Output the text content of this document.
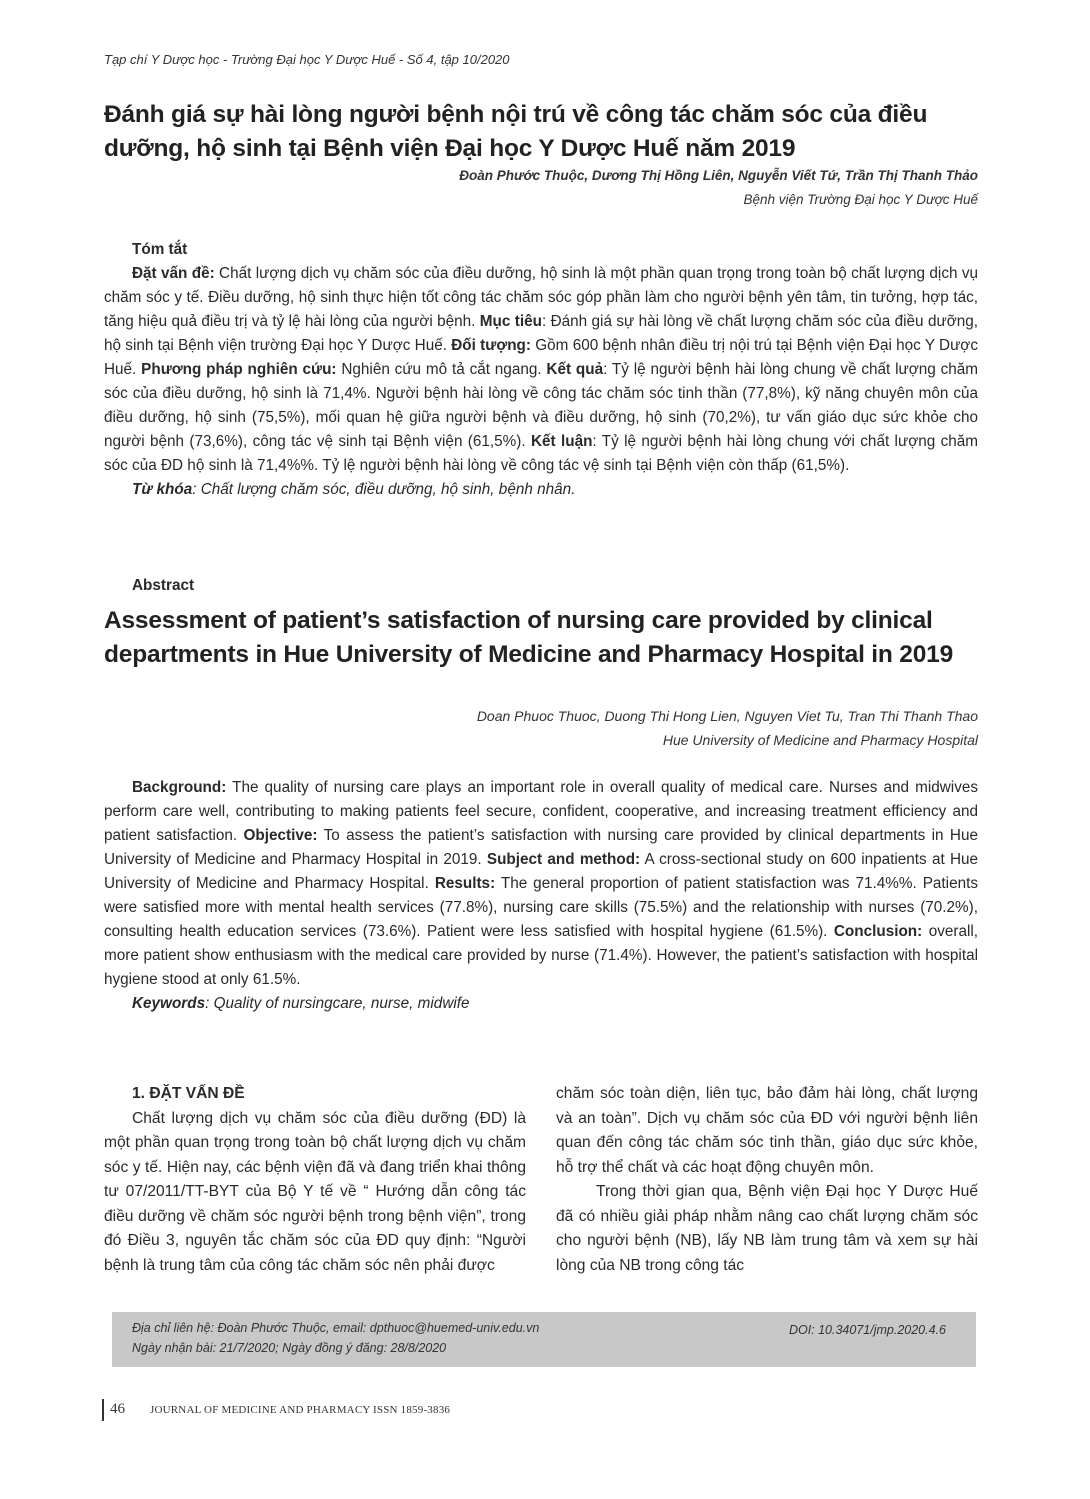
Tạp chí Y Dược học - Trường Đại học Y Dược Huế - Số 4, tập 10/2020
Đánh giá sự hài lòng người bệnh nội trú về công tác chăm sóc của điều dưỡng, hộ sinh tại Bệnh viện Đại học Y Dược Huế năm 2019
Đoàn Phước Thuộc, Dương Thị Hồng Liên, Nguyễn Viết Tứ, Trần Thị Thanh Thảo
Bệnh viện Trường Đại học Y Dược Huế
Tóm tắt
Đặt vấn đề: Chất lượng dịch vụ chăm sóc của điều dưỡng, hộ sinh là một phần quan trọng trong toàn bộ chất lượng dịch vụ chăm sóc y tế. Điều dưỡng, hộ sinh thực hiện tốt công tác chăm sóc góp phần làm cho người bệnh yên tâm, tin tưởng, hợp tác, tăng hiệu quả điều trị và tỷ lệ hài lòng của người bệnh. Mục tiêu: Đánh giá sự hài lòng về chất lượng chăm sóc của điều dưỡng, hộ sinh tại Bệnh viện trường Đại học Y Dược Huế. Đối tượng: Gồm 600 bệnh nhân điều trị nội trú tại Bệnh viện Đại học Y Dược Huế. Phương pháp nghiên cứu: Nghiên cứu mô tả cắt ngang. Kết quả: Tỷ lệ người bệnh hài lòng chung về chất lượng chăm sóc của điều dưỡng, hộ sinh là 71,4%. Người bệnh hài lòng về công tác chăm sóc tinh thần (77,8%), kỹ năng chuyên môn của điều dưỡng, hộ sinh (75,5%), mối quan hệ giữa người bệnh và điều dưỡng, hộ sinh (70,2%), tư vấn giáo dục sức khỏe cho người bệnh (73,6%), công tác vệ sinh tại Bệnh viện (61,5%). Kết luận: Tỷ lệ người bệnh hài lòng chung với chất lượng chăm sóc của ĐD hộ sinh là 71,4%%. Tỷ lệ người bệnh hài lòng về công tác vệ sinh tại Bệnh viện còn thấp (61,5%).
Từ khóa: Chất lượng chăm sóc, điều dưỡng, hộ sinh, bệnh nhân.
Abstract
Assessment of patient’s satisfaction of nursing care provided by clinical departments in Hue University of Medicine and Pharmacy Hospital in 2019
Doan Phuoc Thuoc, Duong Thi Hong Lien, Nguyen Viet Tu, Tran Thi Thanh Thao
Hue University of Medicine and Pharmacy Hospital
Background: The quality of nursing care plays an important role in overall quality of medical care. Nurses and midwives perform care well, contributing to making patients feel secure, confident, cooperative, and increasing treatment efficiency and patient satisfaction. Objective: To assess the patient’s satisfaction with nursing care provided by clinical departments in Hue University of Medicine and Pharmacy Hospital in 2019. Subject and method: A cross-sectional study on 600 inpatients at Hue University of Medicine and Pharmacy Hospital. Results: The general proportion of patient statisfaction was 71.4%%. Patients were satisfied more with mental health services (77.8%), nursing care skills (75.5%) and the relationship with nurses (70.2%), consulting health education services (73.6%). Patient were less satisfied with hospital hygiene (61.5%). Conclusion: overall, more patient show enthusiasm with the medical care provided by nurse (71.4%). However, the patient’s satisfaction with hospital hygiene stood at only 61.5%.
Keywords: Quality of nursingcare, nurse, midwife
1. ĐẶT VẤN ĐỀ
Chất lượng dịch vụ chăm sóc của điều dưỡng (ĐD) là một phần quan trọng trong toàn bộ chất lượng dịch vụ chăm sóc y tế. Hiện nay, các bệnh viện đã và đang triển khai thông tư 07/2011/TT-BYT của Bộ Y tế về “ Hướng dẫn công tác điều dưỡng về chăm sóc người bệnh trong bệnh viện”, trong đó Điều 3, nguyên tắc chăm sóc của ĐD quy định: “Người bệnh là trung tâm của công tác chăm sóc nên phải được
chăm sóc toàn diện, liên tục, bảo đảm hài lòng, chất lượng và an toàn”. Dịch vụ chăm sóc của ĐD với người bệnh liên quan đến công tác chăm sóc tinh thần, giáo dục sức khỏe, hỗ trợ thể chất và các hoạt động chuyên môn.
Trong thời gian qua, Bệnh viện Đại học Y Dược Huế đã có nhiều giải pháp nhằm nâng cao chất lượng chăm sóc cho người bệnh (NB), lấy NB làm trung tâm và xem sự hài lòng của NB trong công tác
Địa chỉ liên hệ: Đoàn Phước Thuộc, email: dpthuoc@huemed-univ.edu.vn
Ngày nhận bài: 21/7/2020; Ngày đồng ý đăng: 28/8/2020
DOI: 10.34071/jmp.2020.4.6
46 JOURNAL OF MEDICINE AND PHARMACY ISSN 1859-3836
